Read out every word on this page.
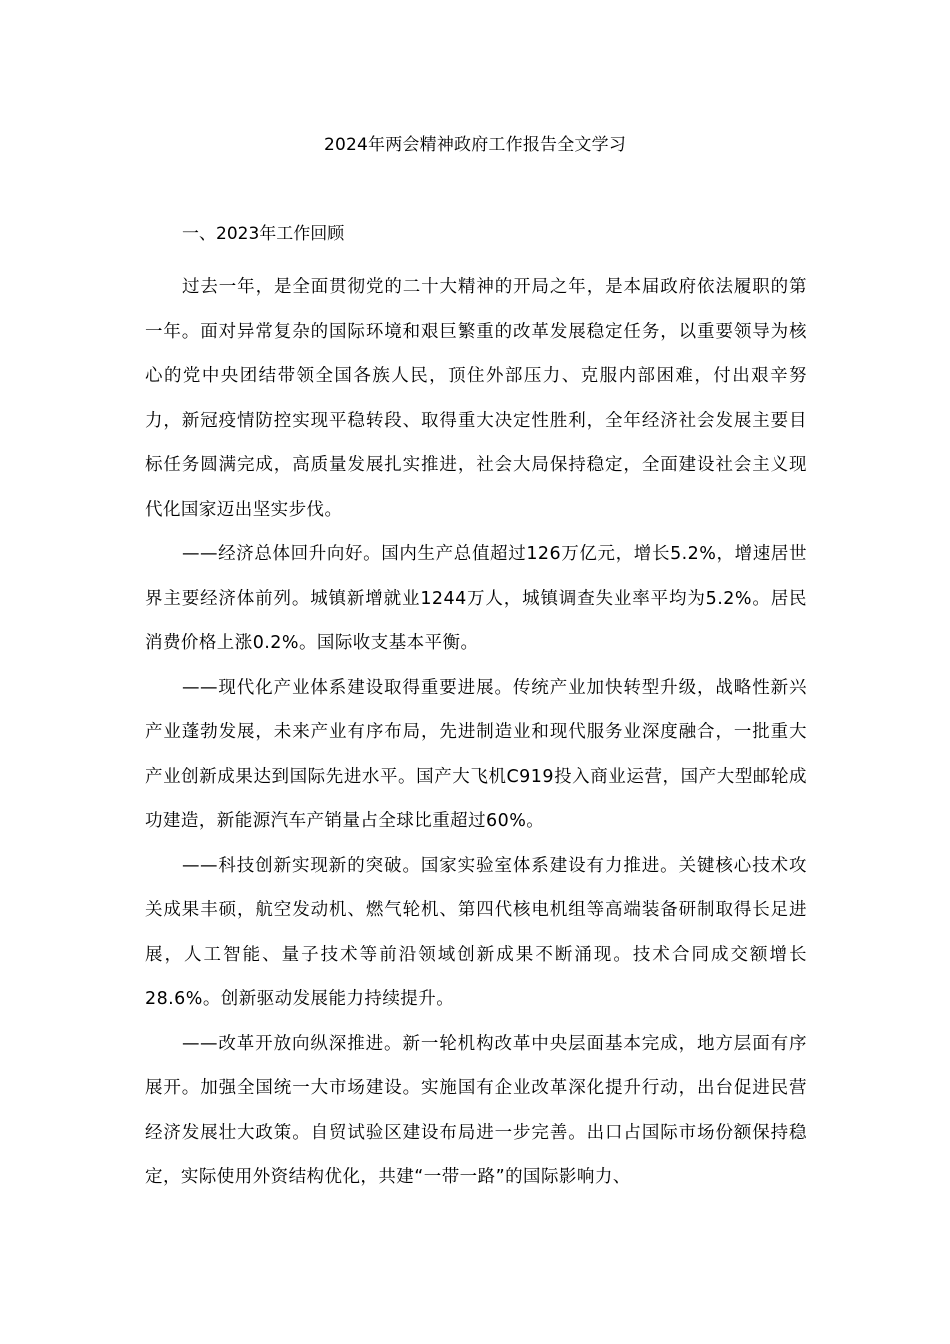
2024年两会精神政府工作报告全文学习
一、2023年工作回顾

过去一年，是全面贯彻党的二十大精神的开局之年，是本届政府依法履职的第一年。面对异常复杂的国际环境和艰巨繁重的改革发展稳定任务，以重要领导为核心的党中央团结带领全国各族人民，顶住外部压力、克服内部困难，付出艰辛努力，新冠疫情防控实现平稳转段、取得重大决定性胜利，全年经济社会发展主要目标任务圆满完成，高质量发展扎实推进，社会大局保持稳定，全面建设社会主义现代化国家迈出坚实步伐。

——经济总体回升向好。国内生产总值超过126万亿元，增长5.2%，增速居世界主要经济体前列。城镇新增就业1244万人，城镇调查失业率平均为5.2%。居民消费价格上涨0.2%。国际收支基本平衡。

——现代化产业体系建设取得重要进展。传统产业加快转型升级，战略性新兴产业蓬勃发展，未来产业有序布局，先进制造业和现代服务业深度融合，一批重大产业创新成果达到国际先进水平。国产大飞机C919投入商业运营，国产大型邮轮成功建造，新能源汽车产销量占全球比重超过60%。

——科技创新实现新的突破。国家实验室体系建设有力推进。关键核心技术攻关成果丰硕，航空发动机、燃气轮机、第四代核电机组等高端装备研制取得长足进展，人工智能、量子技术等前沿领域创新成果不断涌现。技术合同成交额增长28.6%。创新驱动发展能力持续提升。

——改革开放向纵深推进。新一轮机构改革中央层面基本完成，地方层面有序展开。加强全国统一大市场建设。实施国有企业改革深化提升行动，出台促进民营经济发展壮大政策。自贸试验区建设布局进一步完善。出口占国际市场份额保持稳定，实际使用外资结构优化，共建“一带一路”的国际影响力、
